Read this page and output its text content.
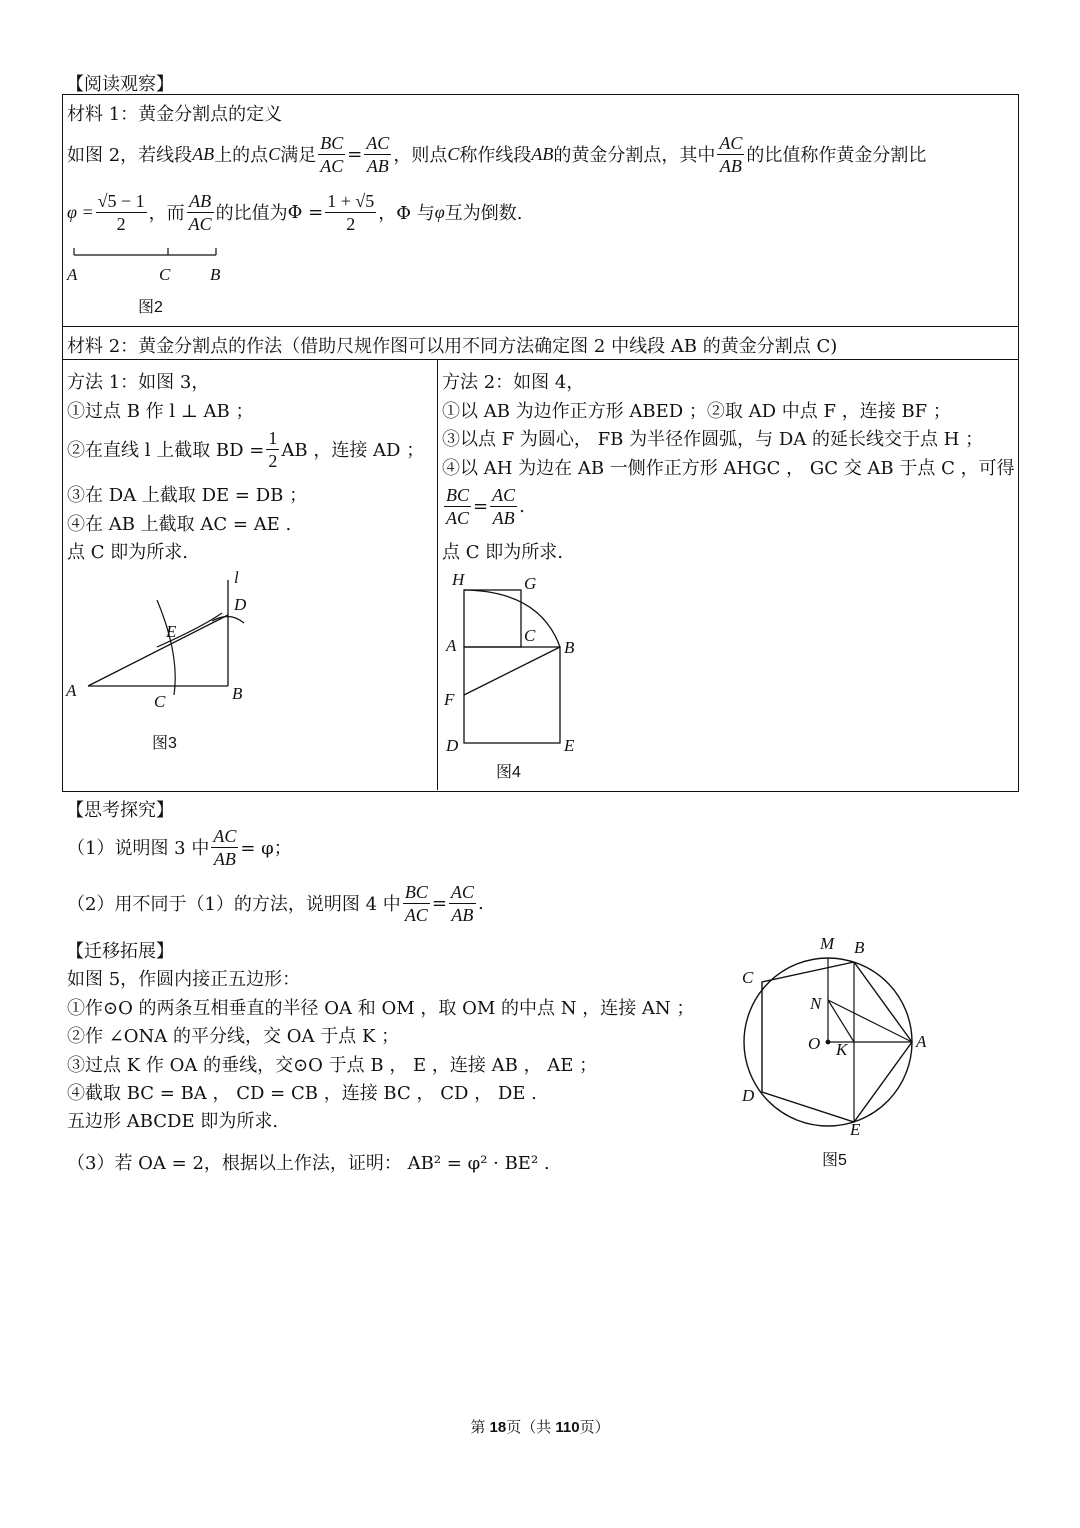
【阅读观察】
材料 1：黄金分割点的定义
如图 2，若线段 AB 上的点 C 满足 $\frac{BC}{AC} = \frac{AC}{AB}$ ，则点 C 称作线段 AB 的黄金分割点，其中 $\frac{AC}{AB}$ 的比值称作黄金分割比
$\varphi = \frac{√5 - 1}{2}$ ，而 $\frac{AB}{AC}$ 的比值为 $\Phi = \frac{1 + √5}{2}$ ，Φ 与 φ 互为倒数.
A	C B
图2
材料 2：黄金分割点的作法（借助尺规作图可以用不同方法确定图 2 中线段 AB 的黄金分割点 C)
方法 1：如图 3，
①过点 B 作 l ⊥ AB ；
②在直线 l 上截取 BD = $\frac{1}{2}$ AB ，连接 AD ；
③在 DA 上截取 DE = DB ；
④在 AB 上截取 AC = AE .
点 C 即为所求.
l
D
E
A
C	B
图3
方法 2：如图 4，
①以 AB 为边作正方形 ABED ；②取 AD 中点 F ，连接 BF ；
③以点 F 为圆心， FB 为半径作圆弧，与 DA 的延长线交于点 H ；
④以 AH 为边在 AB 一侧作正方形 AHGC ， GC 交 AB 于点 C ，可得
$\frac{BC}{AC} = \frac{AC}{AB}$ .
点 C 即为所求.
H	G
C
A	B
F
D	E
图4
【思考探究】
（1）说明图 3 中 $\frac{AC}{AB} = \varphi$；
（2）用不同于（1）的方法，说明图 4 中 $\frac{BC}{AC} = \frac{AC}{AB}$ .
【迁移拓展】
如图 5，作圆内接正五边形：
①作⊙O 的两条互相垂直的半径 OA 和 OM ，取 OM 的中点 N ，连接 AN ；
②作 ∠ONA 的平分线，交 OA 于点 K ；
③过点 K 作 OA 的垂线，交⊙O 于点 B ， E ，连接 AB ， AE ；
④截取 BC = BA ， CD = CB ，连接 BC ， CD ， DE .
五边形 ABCDE 即为所求.
（3）若 OA = 2，根据以上作法，证明： AB² = φ² · BE² .
M B
C
N
O K	A
D
E
图5
第 18页（共 110页）
